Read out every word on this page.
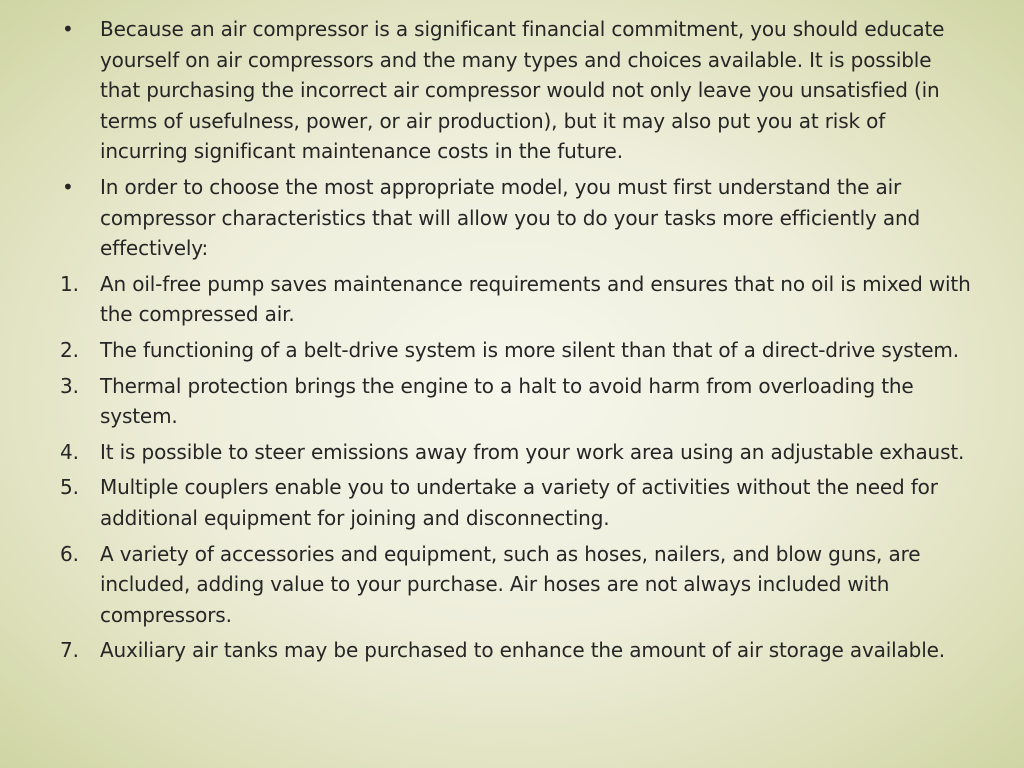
•	Because an air compressor is a significant financial commitment, you should educate yourself on air compressors and the many types and choices available. It is possible that purchasing the incorrect air compressor would not only leave you unsatisfied (in terms of usefulness, power, or air production), but it may also put you at risk of incurring significant maintenance costs in the future.
•	In order to choose the most appropriate model, you must first understand the air compressor characteristics that will allow you to do your tasks more efficiently and effectively:
1.	An oil-free pump saves maintenance requirements and ensures that no oil is mixed with the compressed air.
2.	The functioning of a belt-drive system is more silent than that of a direct-drive system.
3.	Thermal protection brings the engine to a halt to avoid harm from overloading the system.
4.	It is possible to steer emissions away from your work area using an adjustable exhaust.
5.	Multiple couplers enable you to undertake a variety of activities without the need for additional equipment for joining and disconnecting.
6.	A variety of accessories and equipment, such as hoses, nailers, and blow guns, are included, adding value to your purchase. Air hoses are not always included with compressors.
7.	Auxiliary air tanks may be purchased to enhance the amount of air storage available.
